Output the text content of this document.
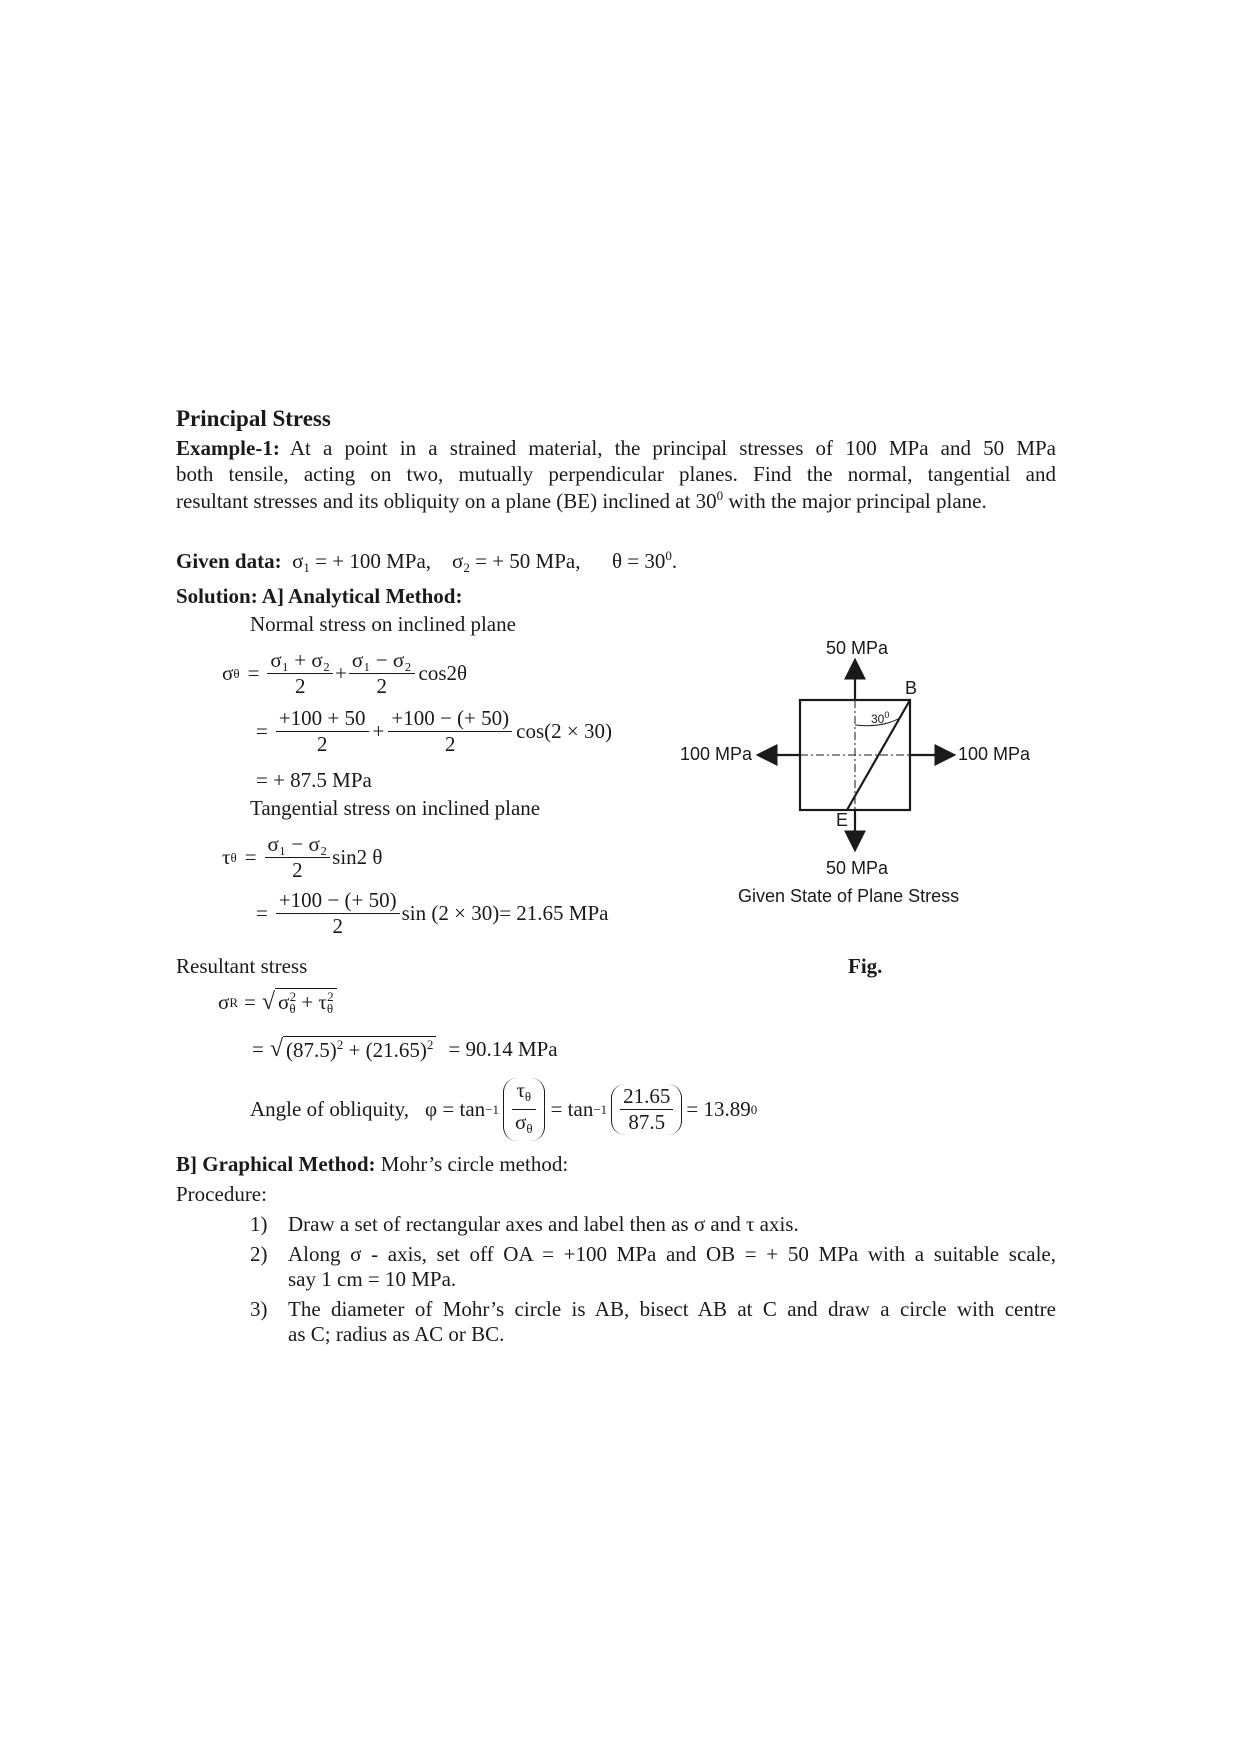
Principal Stress
Example-1: At a point in a strained material, the principal stresses of 100 MPa and 50 MPa
both tensile, acting on two, mutually perpendicular planes. Find the normal, tangential and
resultant stresses and its obliquity on a plane (BE) inclined at $30^0$ with the major principal plane.
Given data: $\sigma_1$ = + 100 MPa, $\sigma_2$ = + 50 MPa, $\theta = 30^0$.
Solution: A] Analytical Method:
Normal stress on inclined plane
σ $\theta = \frac{\text{σ₁ + σ₂}}{2} + \frac{\text{σ₁ − σ₂}}{2} \cos 2\theta$
= $\frac{+100 + 50}{2} + \frac{+100 - (+ 50)}{2} \cos(2 \times 30)$
= + 87.5 MPa
Tangential stress on inclined plane
τ $\theta = \frac{\text{σ₁ − σ₂}}{2} \sin 2$ θ
= $\frac{+100 - (+ 50)}{2}$ sin (2 × 30)= 21.65 MPa
Resultant stress
σ R = √ $\sigma_\theta^2 + \tau_\theta^2$
= √ $(87.5)^2 + (21.65)^2 = 90.14$ MPa
Angle of obliquity, $\varphi = \tan -1 \frac{\tau_\theta}{\sigma_\theta} = \tan -1 \frac{21.65}{87.5} = 13.89$ 0
50 MPa
B
$30^0$
100 MPa	100 MPa
E
50 MPa
Given State of Plane Stress
Fig.
B] Graphical Method: Mohr’s circle method:
Procedure:
1) Draw a set of rectangular axes and label then as σ and τ axis.
2) Along σ - axis, set off OA = +100 MPa and OB = + 50 MPa with a suitable scale,
say 1 cm = 10 MPa.
3) The diameter of Mohr’s circle is AB, bisect AB at C and draw a circle with centre
as C; radius as AC or BC.
